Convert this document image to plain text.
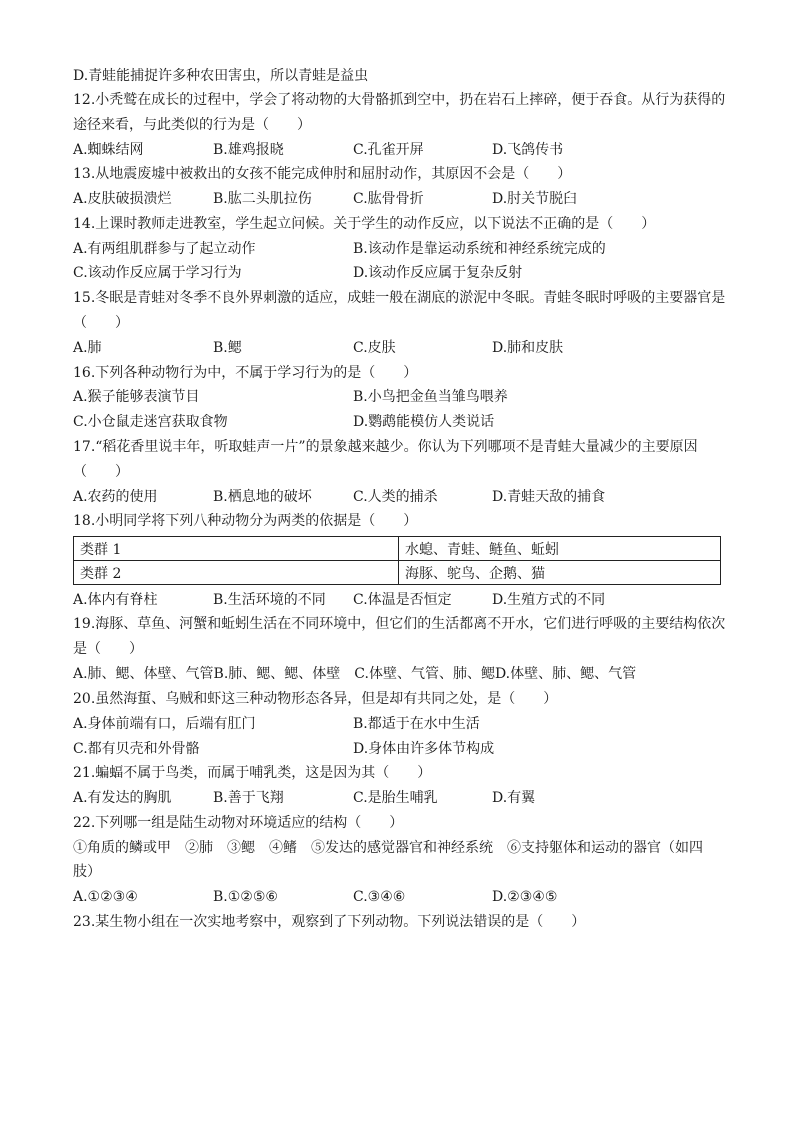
D.青蛙能捕捉许多种农田害虫，所以青蛙是益虫
12.小秃鹫在成长的过程中，学会了将动物的大骨骼抓到空中，扔在岩石上摔碎，便于吞食。从行为获得的
途径来看，与此类似的行为是（　　）
A.蜘蛛结网	B.雄鸡报晓	C.孔雀开屏	D.飞鸽传书
13.从地震废墟中被救出的女孩不能完成伸肘和屈肘动作，其原因不会是（　　）
A.皮肤破损溃烂	B.肱二头肌拉伤	C.肱骨骨折	D.肘关节脱臼
14.上课时教师走进教室，学生起立问候。关于学生的动作反应，以下说法不正确的是（　　）
A.有两组肌群参与了起立动作	B.该动作是靠运动系统和神经系统完成的
C.该动作反应属于学习行为	D.该动作反应属于复杂反射
15.冬眠是青蛙对冬季不良外界刺激的适应，成蛙一般在湖底的淤泥中冬眠。青蛙冬眠时呼吸的主要器官是
（　　）
A.肺	B.鳃	C.皮肤	D.肺和皮肤
16.下列各种动物行为中，不属于学习行为的是（　　）
A.猴子能够表演节目	B.小鸟把金鱼当雏鸟喂养
C.小仓鼠走迷宫获取食物	D.鹦鹉能模仿人类说话
17.“稻花香里说丰年，听取蛙声一片”的景象越来越少。你认为下列哪项不是青蛙大量减少的主要原因
（　　）
A.农药的使用	B.栖息地的破坏	C.人类的捕杀	D.青蛙天敌的捕食
18.小明同学将下列八种动物分为两类的依据是（　　）
类群 1	水螅、青蛙、鲢鱼、蚯蚓
类群 2	海豚、鸵鸟、企鹅、猫
A.体内有脊柱	B.生活环境的不同 C.体温是否恒定	D.生殖方式的不同
19.海豚、草鱼、河蟹和蚯蚓生活在不同环境中，但它们的生活都离不开水，它们进行呼吸的主要结构依次
是（　　）
A.肺、鳃、体壁、气管B.肺、鳃、鳃、体壁　C.体壁、气管、肺、鳃D.体壁、肺、鳃、气管
20.虽然海蜇、乌贼和虾这三种动物形态各异，但是却有共同之处，是（　　）
A.身体前端有口，后端有肛门	B.都适于在水中生活
C.都有贝壳和外骨骼	D.身体由许多体节构成
21.蝙蝠不属于鸟类，而属于哺乳类，这是因为其（　　）
A.有发达的胸肌	B.善于飞翔	C.是胎生哺乳	D.有翼
22.下列哪一组是陆生动物对环境适应的结构（　　）
①角质的鳞或甲　②肺　③鳃　④鳍　⑤发达的感觉器官和神经系统　⑥支持躯体和运动的器官（如四
肢）
A.①②③④	B.①②⑤⑥	C.③④⑥	D.②③④⑤
23.某生物小组在一次实地考察中，观察到了下列动物。下列说法错误的是（　　）
